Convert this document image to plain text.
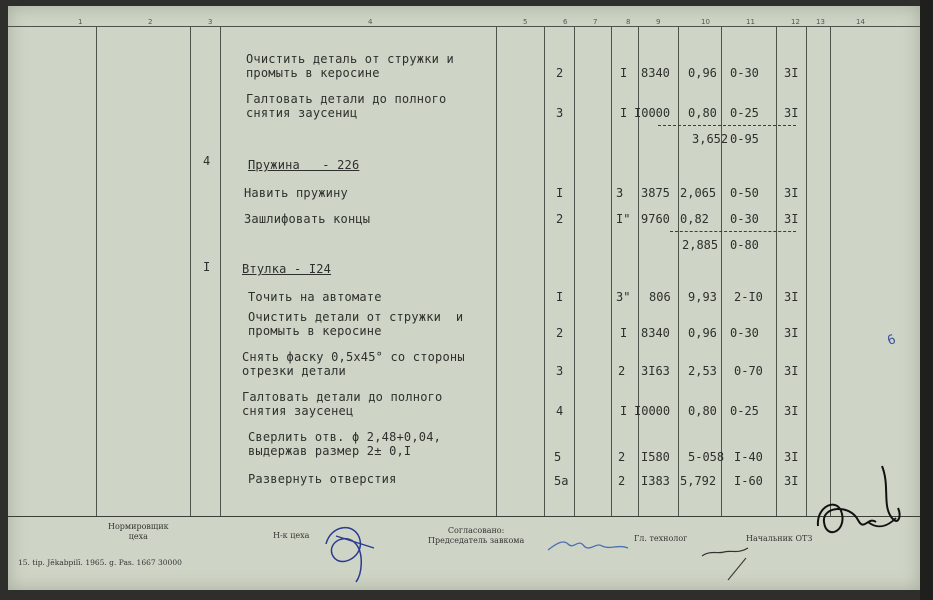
1	2	3	4	5	6	7	8	9	10	11	12 13	14
Очистить деталь от стружки и
промыть в керосине	2	I 8340 0,96 0-30 3I
Галтовать детали до полного
снятия заусениц	3	I I0000 0,80 0-25 3I
3,652 0-95
4	Пружина   - 226
Навить пружину	I	3 3875 2,065 0-50 3I
Зашлифовать концы	2	I" 9760 0,82 0-30 3I
2,885 0-80
I	Втулка - I24
Точить на автомате	I	3" 806 9,93 2-I0 3I
Очистить детали от стружки  и
промыть в керосине	2	I 8340 0,96 0-30 3I
Снять фаску 0,5х45° со стороны
отрезки детали	3	2 3I63 2,53 0-70 3I
Галтовать детали до полного
снятия заусенец	4	I I0000 0,80 0-25 3I
Сверлить отв. ϕ 2,48+0,04,
выдержав размер 2± 0,I	5	2 I580 5-058 I-40 3I
Развернуть отверстия	5a	2 I383 5,792 I-60 3I
6
Нормировщик
цеха	Н-к цеха
Согласовано:
Председатель завкома	Гл. технолог	Начальник ОТЗ
15. tip. Jēkabpilī. 1965. g. Pas. 1667 30000
